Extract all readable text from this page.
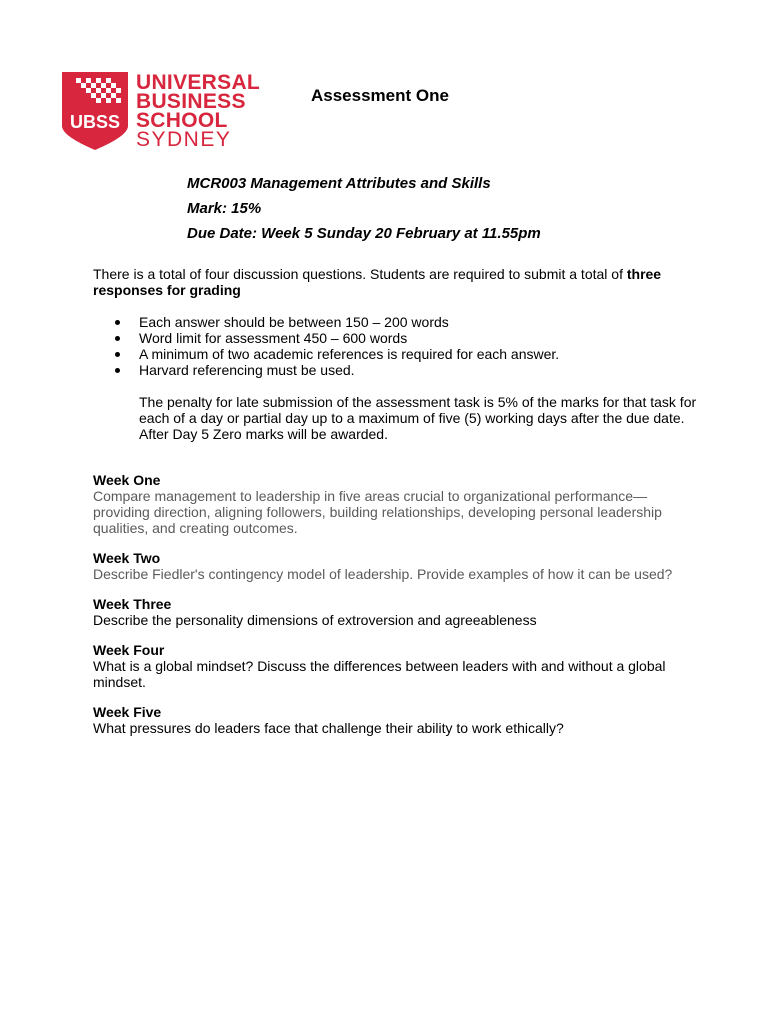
UBSS
UNIVERSAL
BUSINESS
SCHOOL
SYDNEY
Assessment One
MCR003 Management Attributes and Skills
Mark: 15%
Due Date: Week 5 Sunday 20 February at 11.55pm

There is a total of four discussion questions. Students are required to submit a total of three responses for grading

Each answer should be between 150 – 200 words
Word limit for assessment 450 – 600 words
A minimum of two academic references is required for each answer.
Harvard referencing must be used.

The penalty for late submission of the assessment task is 5% of the marks for that task for each of a day or partial day up to a maximum of five (5) working days after the due date. After Day 5 Zero marks will be awarded.

Week One
Compare management to leadership in five areas crucial to organizational performance— providing direction, aligning followers, building relationships, developing personal leadership qualities, and creating outcomes.
Week Two
Describe Fiedler's contingency model of leadership. Provide examples of how it can be used?
Week Three
Describe the personality dimensions of extroversion and agreeableness
Week Four
What is a global mindset? Discuss the differences between leaders with and without a global mindset.
Week Five
What pressures do leaders face that challenge their ability to work ethically?
